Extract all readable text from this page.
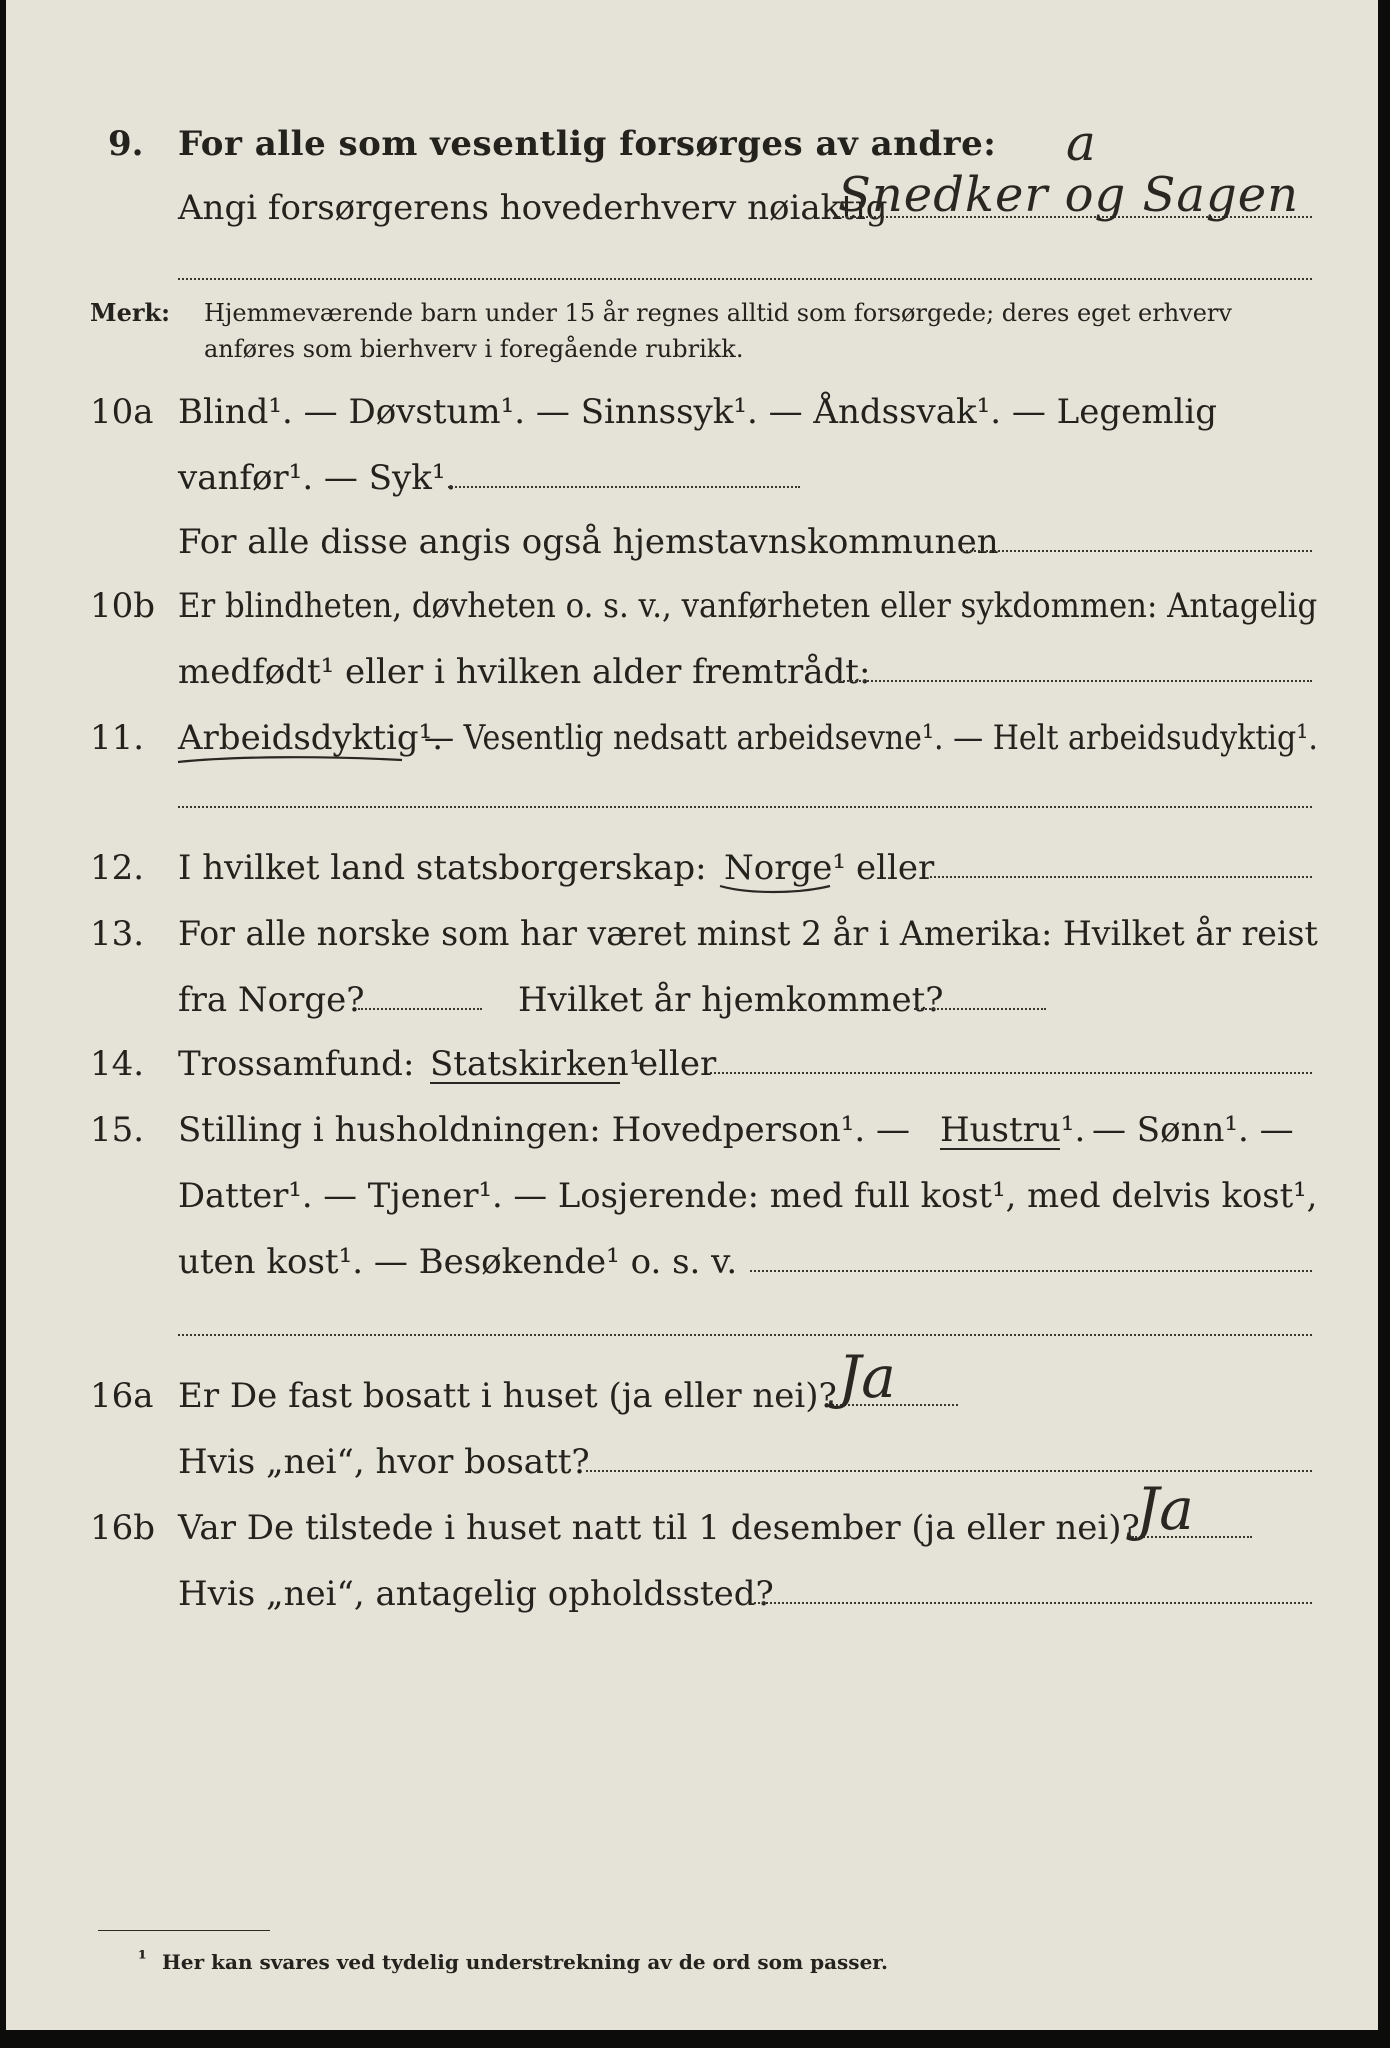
9. For alle som vesentlig forsørges av andre: a
Angi forsørgerens hovederhverv nøiaktig
Snedker og Sagen
Merk: Hjemmeværende barn under 15 år regnes alltid som forsørgede; deres eget erhverv
anføres som bierhverv i foregående rubrikk.
10a Blind¹. — Døvstum¹. — Sinnssyk¹. — Åndssvak¹. — Legemlig
vanfør¹. — Syk¹.
For alle disse angis også hjemstavnskommunen
10b Er blindheten, døvheten o. s. v., vanførheten eller sykdommen: Antagelig
medfødt¹ eller i hvilken alder fremtrådt:
11. Arbeidsdyktig¹.
— Vesentlig nedsatt arbeidsevne¹. — Helt arbeidsudyktig¹.
12. I hvilket land statsborgerskap: Norge¹ eller
13. For alle norske som har været minst 2 år i Amerika: Hvilket år reist
fra Norge?	Hvilket år hjemkommet?
14. Trossamfund: Statskirken¹
eller
15. Stilling i husholdningen: Hovedperson¹. — Hustru¹. — Sønn¹. —
Datter¹. — Tjener¹. — Losjerende: med full kost¹, med delvis kost¹,
uten kost¹. — Besøkende¹ o. s. v.
16a Er De fast bosatt i huset (ja eller nei)? Ja
Hvis „nei“, hvor bosatt?
16b Var De tilstede i huset natt til 1 desember (ja eller nei)?
Ja
Hvis „nei“, antagelig opholdssted?
¹ Her kan svares ved tydelig understrekning av de ord som passer.
